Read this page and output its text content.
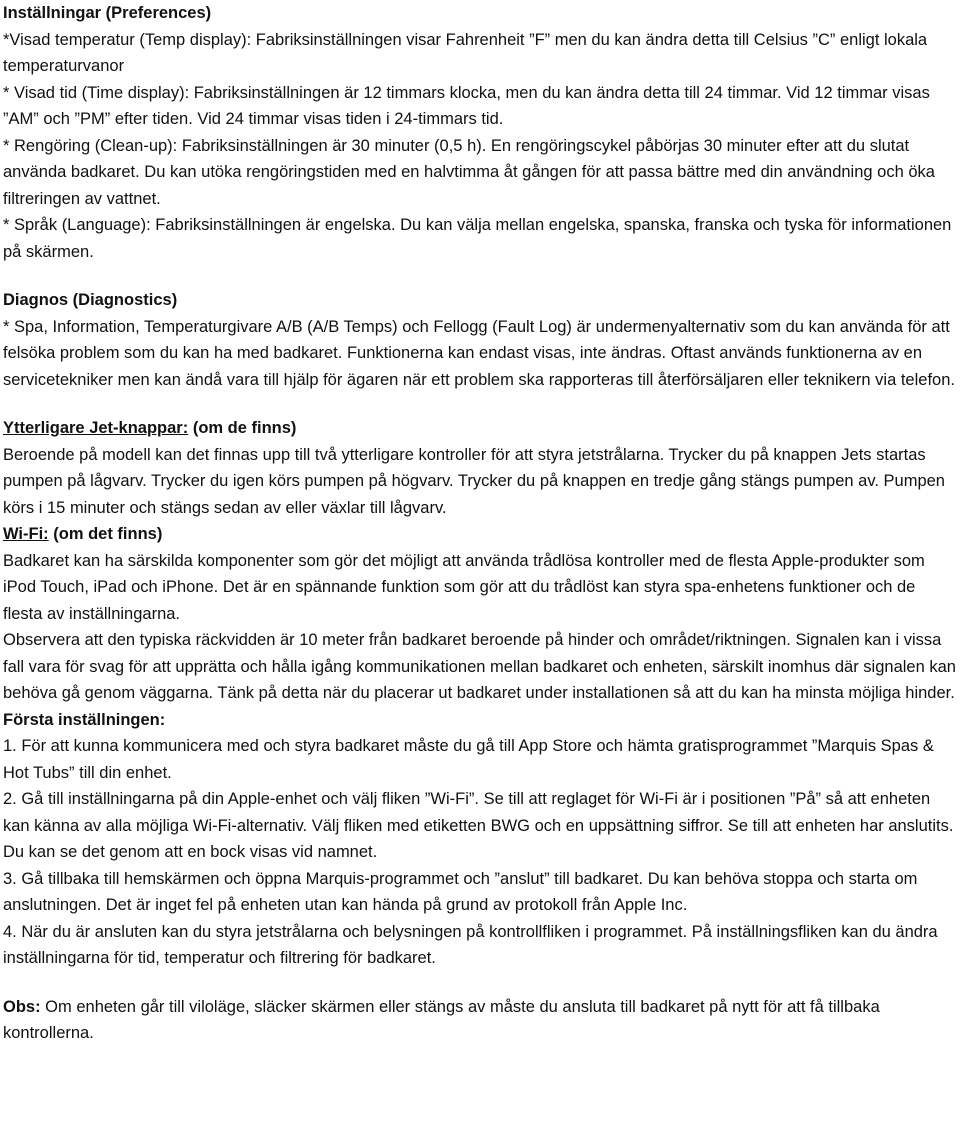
Inställningar (Preferences)

*Visad temperatur (Temp display): Fabriksinställningen visar Fahrenheit ”F” men du kan ändra detta till Celsius ”C” enligt lokala temperaturvanor

* Visad tid (Time display): Fabriksinställningen är 12 timmars klocka, men du kan ändra detta till 24 timmar. Vid 12 timmar visas ”AM” och ”PM” efter tiden. Vid 24 timmar visas tiden i 24-timmars tid.

* Rengöring (Clean-up): Fabriksinställningen är 30 minuter (0,5 h). En rengöringscykel påbörjas 30 minuter efter att du slutat använda badkaret. Du kan utöka rengöringstiden med en halvtimma åt gången för att passa bättre med din användning och öka filtreringen av vattnet.

* Språk (Language): Fabriksinställningen är engelska. Du kan välja mellan engelska, spanska, franska och tyska för informationen på skärmen.

Diagnos (Diagnostics)

* Spa, Information, Temperaturgivare A/B (A/B Temps) och Fellogg (Fault Log) är undermenyalternativ som du kan använda för att felsöka problem som du kan ha med badkaret. Funktionerna kan endast visas, inte ändras. Oftast används funktionerna av en servicetekniker men kan ändå vara till hjälp för ägaren när ett problem ska rapporteras till återförsäljaren eller teknikern via telefon.

Ytterligare Jet-knappar: (om de finns)

Beroende på modell kan det finnas upp till två ytterligare kontroller för att styra jetstrålarna. Trycker du på knappen Jets startas pumpen på lågvarv. Trycker du igen körs pumpen på högvarv. Trycker du på knappen en tredje gång stängs pumpen av. Pumpen körs i 15 minuter och stängs sedan av eller växlar till lågvarv.

Wi-Fi: (om det finns)

Badkaret kan ha särskilda komponenter som gör det möjligt att använda trådlösa kontroller med de flesta Apple-produkter som iPod Touch, iPad och iPhone. Det är en spännande funktion som gör att du trådlöst kan styra spa-enhetens funktioner och de flesta av inställningarna.

Observera att den typiska räckvidden är 10 meter från badkaret beroende på hinder och området/riktningen. Signalen kan i vissa fall vara för svag för att upprätta och hålla igång kommunikationen mellan badkaret och enheten, särskilt inomhus där signalen kan behöva gå genom väggarna. Tänk på detta när du placerar ut badkaret under installationen så att du kan ha minsta möjliga hinder.

Första inställningen:

1. För att kunna kommunicera med och styra badkaret måste du gå till App Store och hämta gratisprogrammet ”Marquis Spas & Hot Tubs” till din enhet.

2. Gå till inställningarna på din Apple-enhet och välj fliken ”Wi-Fi”. Se till att reglaget för Wi-Fi är i positionen ”På” så att enheten kan känna av alla möjliga Wi-Fi-alternativ. Välj fliken med etiketten BWG och en uppsättning siffror. Se till att enheten har anslutits. Du kan se det genom att en bock visas vid namnet.

3. Gå tillbaka till hemskärmen och öppna Marquis-programmet och ”anslut” till badkaret. Du kan behöva stoppa och starta om anslutningen. Det är inget fel på enheten utan kan hända på grund av protokoll från Apple Inc.

4. När du är ansluten kan du styra jetstrålarna och belysningen på kontrollfliken i programmet. På inställningsfliken kan du ändra inställningarna för tid, temperatur och filtrering för badkaret.

Obs: Om enheten går till viloläge, släcker skärmen eller stängs av måste du ansluta till badkaret på nytt för att få tillbaka kontrollerna.
